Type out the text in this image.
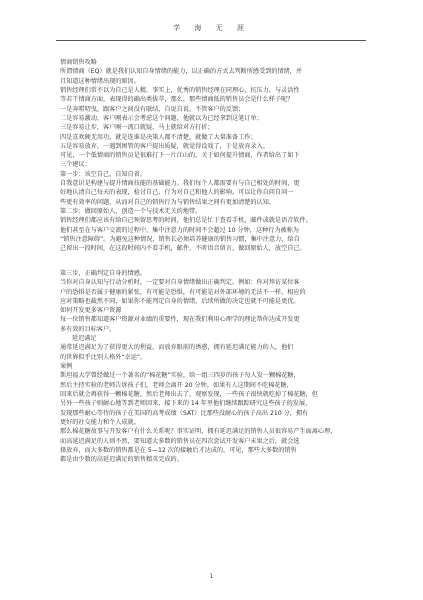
学 海 无 涯
情商销售攻略
所谓情商（EQ）就是我们认知自身情绪的能力，以正确的方式去判断所感受到的情绪，并
且知道这种情绪出现的原因。
销售经理们常不以为自己是人精，事实上，优秀的销售经理在同理心、抗压力、与灵活性
等若干情商方面，表现得的确出类拔萃，那么，那些情商低的销售员会是什么样子呢？
一是奔唠叨曳，跟客户之间没有联结，自说自说，不管客户的反馈；
二是容易激动，客户刚表示会考虑这个问题，他就以为已经拿到这笔订单；
三是容易让步，客户刚一流口就疑，马上就给对方打折；
四是喜欢硬无用功，就是连谁是决策人都不清楚，就做了大量准备工作；
五是容易放弃，一遇到困管的客户提出质疑，就觉得没戏了，于是放弃录入。
可见，一个低情商的销售员是很难打下一片江山的，关于如何提升情商，作者给出了如下
三个建议：
第一步：该空自己，自知自省。
自我意识是构建与提升情商技能的基础能力。我们每个人都需要有与自己相处的时间，更
好地认清自己每天的表现，检讨自己，行为对自己和他人的影响。可以让你自问自问一
些更有效率的问题，从而对自己的销售行为与销售结果之间有更加清楚的认知。
第二步：做回原始人，创造一个与技术无关的地带。
销售经理们都应该有给自己预留思考的时间，他们总是忙于查看手机，邮件或就是语音软件。
他们甚至在与客户交流的过程中，集中注意力的时间不会超过 10 分钟，这种行为被称为
“销售注意障碍”。为避免这种情况，销售长必须培养健康的销售习惯，集中注意力，给自
己留出一段时间，在这段时间内不看手机，邮件，不听语音留言，做回原始人，放空自己。
第三步，正确判定自身的情感。
当你对自身认知与行动分析时，一定要对自身情绪做出正确判定。例如：你对拜访某位客
户的恐惧是否属于健康的紧张，有可能是恐惧，有可能是对外部环境的无法不一样，相应的
应对策略也截然不同，如果你不能判定自身的情绪，后续所做的决定也就不可能是更优。
如何开发更多客户资源
每一位销售都知道客户资源对业绩的重要性，现在我们利用心理学的理论帮你达成开发更
多有效的目标客户。
延迟满足
通常延迟满足为了获得更大的利益，而放弃眼前的诱惑，拥有延迟满足能力的人，他们
的世界似乎比别人格外“幸运”。
案例
斯坦福大学曾经做过一个著名的“棉花糖”实验，给一组三四岁的孩子每人发一颗棉花糖，
然后主持实验的老师告诉孩子们，老师会离开 20 分钟，如果有人这期间不吃棉花糖，
回来后就会再获得一颗棉花糖，然后老师出去了，观察发现，一些孩子很快就吃掉了棉花糖，但
另外一些孩子则耐心地等到老师回来，接下来的 14 年里他们继续跟踪研究这些孩子的发展，
发现那些耐心等待的孩子在美国的高考成绩（SAT）比那些没耐心的孩子高出 210 分，拥有
更好的社交能力和个人成就。
那么棉花糖故事与开发客户有什么关系呢？事实证明，拥有延迟满足的销售人员很容易产生面离心理，
而高延迟满足的人则不然，要知道大多数的销售员在四次尝试开发客户未果之后，就会选
择放弃，而大多数的销售都是在 5—12 次的接触后才达成的，可见，那些大多数的销售
都是由少数的高延迟满足的销售精英完成的。
1
